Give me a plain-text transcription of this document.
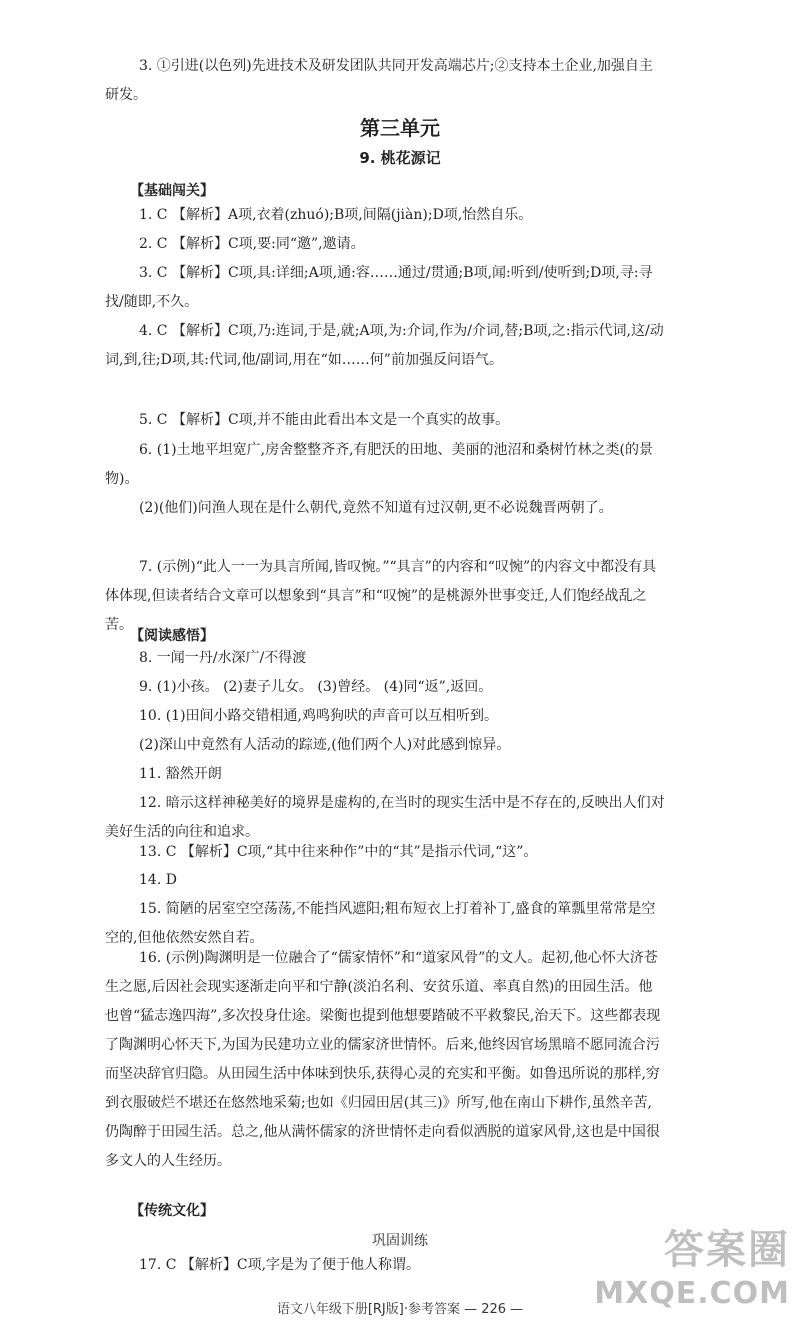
3. ①引进(以色列)先进技术及研发团队共同开发高端芯片;②支持本土企业,加强自主研发。

第三单元
9. 桃花源记
【基础闯关】

1. C 【解析】A项,衣着(zhuó);B项,间隔(jiàn);D项,怡然自乐。

2. C 【解析】C项,要:同“邀”,邀请。

3. C 【解析】C项,具:详细;A项,通:容……通过/贯通;B项,闻:听到/使听到;D项,寻:寻找/随即,不久。

4. C 【解析】C项,乃:连词,于是,就;A项,为:介词,作为/介词,替;B项,之:指示代词,这/动词,到,往;D项,其:代词,他/副词,用在“如……何”前加强反问语气。

5. C 【解析】C项,并不能由此看出本文是一个真实的故事。

6. (1)土地平坦宽广,房舍整整齐齐,有肥沃的田地、美丽的池沼和桑树竹林之类(的景物)。

(2)(他们)问渔人现在是什么朝代,竟然不知道有过汉朝,更不必说魏晋两朝了。

7. (示例)“此人一一为具言所闻,皆叹惋。”“具言”的内容和“叹惋”的内容文中都没有具体体现,但读者结合文章可以想象到“具言”和“叹惋”的是桃源外世事变迁,人们饱经战乱之苦。

【阅读感悟】

8. 一闻一丹/水深广/不得渡

9. (1)小孩。 (2)妻子儿女。 (3)曾经。 (4)同“返”,返回。

10. (1)田间小路交错相通,鸡鸣狗吠的声音可以互相听到。

(2)深山中竟然有人活动的踪迹,(他们两个人)对此感到惊异。

11. 豁然开朗

12. 暗示这样神秘美好的境界是虚构的,在当时的现实生活中是不存在的,反映出人们对美好生活的向往和追求。

13. C 【解析】C项,“其中往来种作”中的“其”是指示代词,“这”。

14. D

15. 简陋的居室空空荡荡,不能挡风遮阳;粗布短衣上打着补丁,盛食的箪瓢里常常是空空的,但他依然安然自若。

16. (示例)陶渊明是一位融合了“儒家情怀”和“道家风骨”的文人。起初,他心怀大济苍生之愿,后因社会现实逐渐走向平和宁静(淡泊名利、安贫乐道、率真自然)的田园生活。他也曾“猛志逸四海”,多次投身仕途。梁衡也提到他想要踏破不平救黎民,治天下。这些都表现了陶渊明心怀天下,为国为民建功立业的儒家济世情怀。后来,他终因官场黑暗不愿同流合污而坚决辞官归隐。从田园生活中体味到快乐,获得心灵的充实和平衡。如鲁迅所说的那样,穷到衣服破烂不堪还在悠然地采菊;也如《归园田居(其三)》所写,他在南山下耕作,虽然辛苦,仍陶醉于田园生活。总之,他从满怀儒家的济世情怀走向看似洒脱的道家风骨,这也是中国很多文人的人生经历。

【传统文化】
巩固训练

17. C 【解析】C项,字是为了便于他人称谓。

语文八年级下册[RJ版]·参考答案 — 226 —
答案圈
MXQE.COM
